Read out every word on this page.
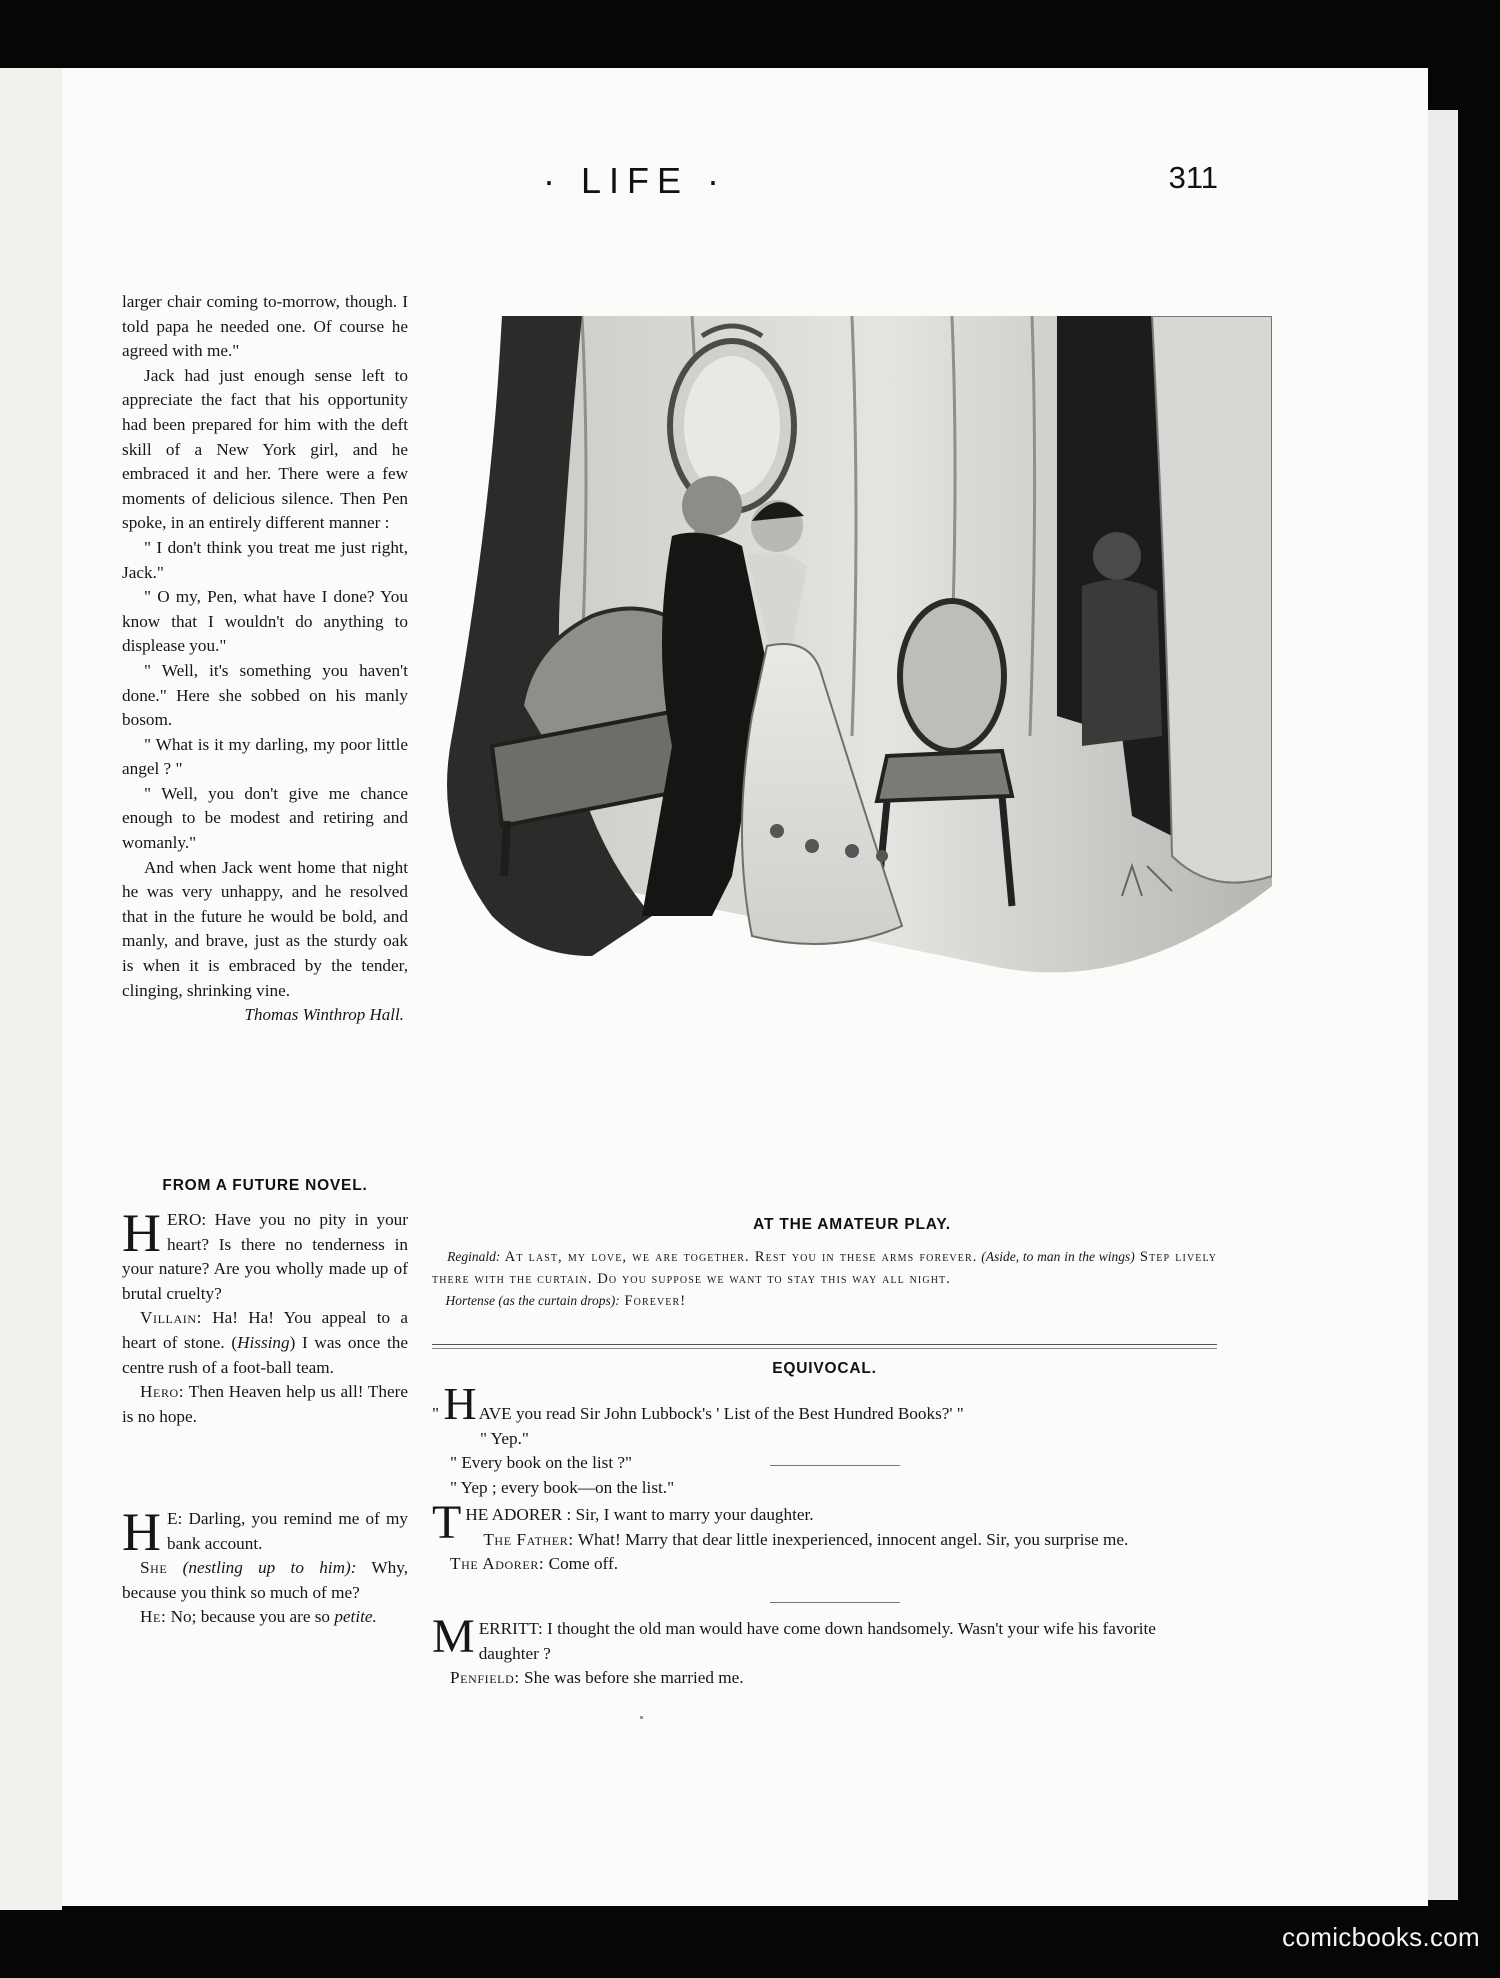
· LIFE ·	311

larger chair coming to-morrow, though. I told papa he needed one. Of course he agreed with me."

Jack had just enough sense left to appreciate the fact that his opportunity had been prepared for him with the deft skill of a New York girl, and he embraced it and her. There were a few moments of delicious silence. Then Pen spoke, in an entirely different manner :

" I don't think you treat me just right, Jack."

" O my, Pen, what have I done? You know that I wouldn't do anything to displease you."

" Well, it's something you haven't done." Here she sobbed on his manly bosom.

" What is it my darling, my poor little angel ? "

" Well, you don't give me chance enough to be modest and retiring and womanly."

And when Jack went home that night he was very unhappy, and he resolved that in the future he would be bold, and manly, and brave, just as the sturdy oak is when it is embraced by the tender, clinging, shrinking vine.

Thomas Winthrop Hall.
FROM A FUTURE NOVEL.

HERO: Have you no pity in your heart? Is there no tenderness in your nature? Are you wholly made up of brutal cruelty?

Villain: Ha! Ha! You appeal to a heart of stone. (Hissing) I was once the centre rush of a foot-ball team.

Hero: Then Heaven help us all! There is no hope.

H E: Darling, you remind me of my bank account.

She (nestling up to him): Why, because you think so much of me?

He: No; because you are so petite.

AT THE AMATEUR PLAY.

Reginald: At last, my love, we are together. Rest you in these arms forever. (Aside, to man in the wings) Step lively there with the curtain. Do you suppose we want to stay this way all night.

Hortense (as the curtain drops): Forever!

EQUIVOCAL.

" H AVE you read Sir John Lubbock's ' List of the Best Hundred Books?' "

" Yep."

" Every book on the list ?"

" Yep ; every book—on the list."

THE ADORER : Sir, I want to marry your daughter.
The Father: What! Marry that dear little inexperienced, innocent angel. Sir, you surprise me.

The Adorer: Come off.

MERRITT: I thought the old man would have come down handsomely. Wasn't your wife his favorite daughter ?

Penfield: She was before she married me.

comicbooks.com
